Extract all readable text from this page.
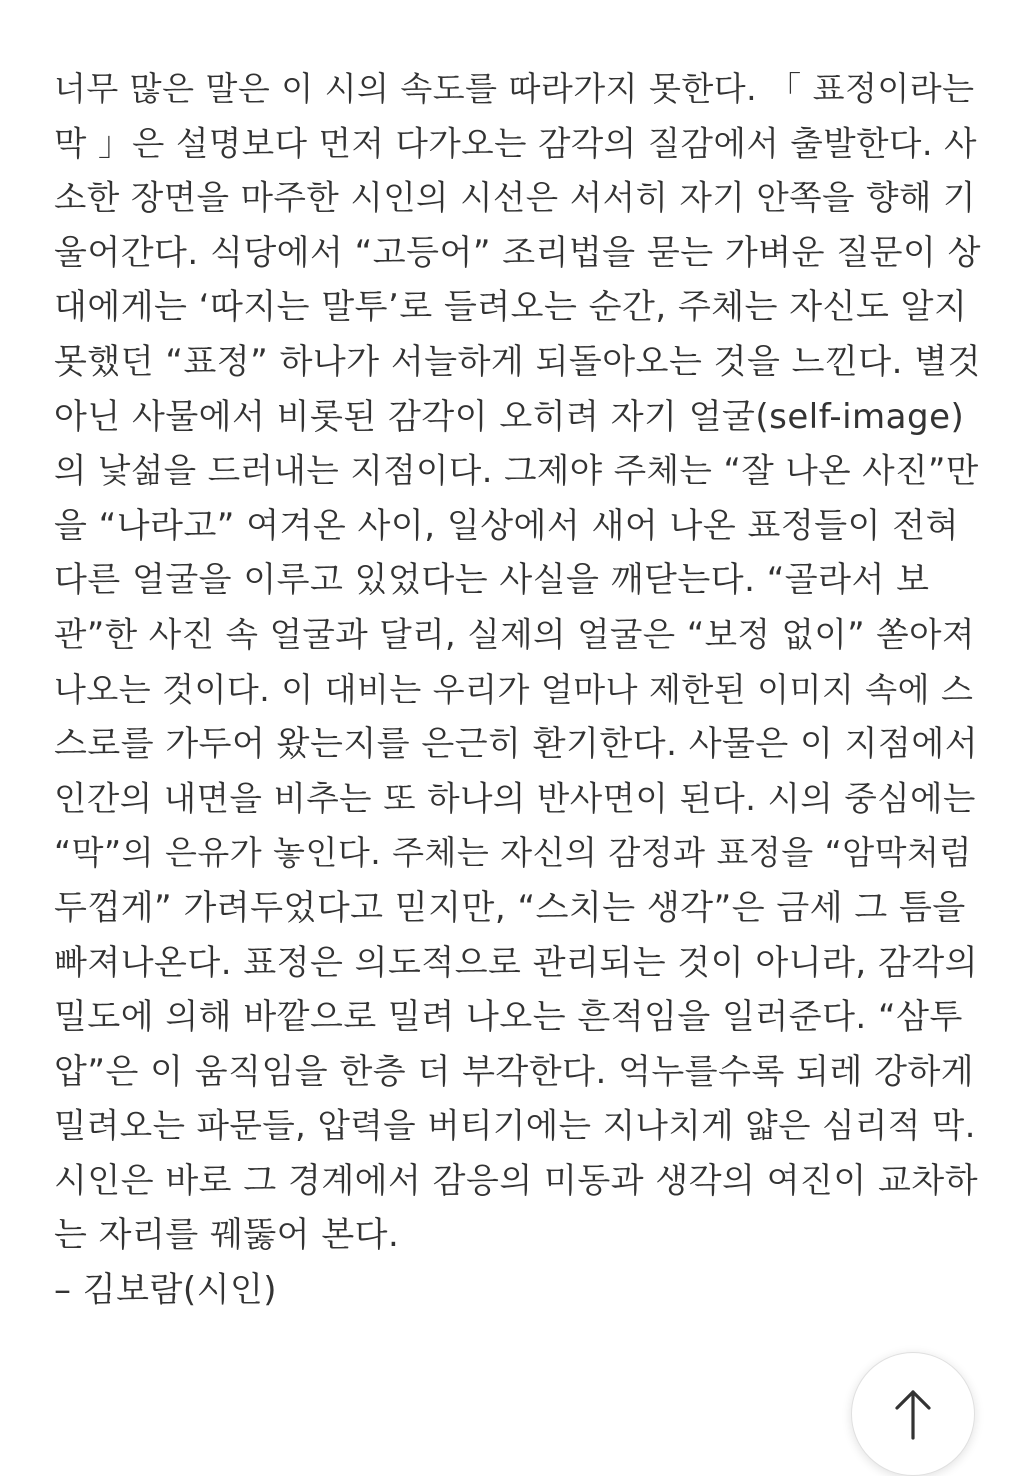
너무 많은 말은 이 시의 속도를 따라가지 못한다. 「 표정이라는
막 」은 설명보다 먼저 다가오는 감각의 질감에서 출발한다. 사
소한 장면을 마주한 시인의 시선은 서서히 자기 안쪽을 향해 기
울어간다. 식당에서 “고등어” 조리법을 묻는 가벼운 질문이 상
대에게는 ‘따지는 말투’로 들려오는 순간, 주체는 자신도 알지
못했던 “표정” 하나가 서늘하게 되돌아오는 것을 느낀다. 별것
아닌 사물에서 비롯된 감각이 오히려 자기 얼굴(self-image)
의 낯섦을 드러내는 지점이다. 그제야 주체는 “잘 나온 사진”만
을 “나라고” 여겨온 사이, 일상에서 새어 나온 표정들이 전혀
다른 얼굴을 이루고 있었다는 사실을 깨닫는다. “골라서 보
관”한 사진 속 얼굴과 달리, 실제의 얼굴은 “보정 없이” 쏟아져
나오는 것이다. 이 대비는 우리가 얼마나 제한된 이미지 속에 스
스로를 가두어 왔는지를 은근히 환기한다. 사물은 이 지점에서
인간의 내면을 비추는 또 하나의 반사면이 된다. 시의 중심에는
“막”의 은유가 놓인다. 주체는 자신의 감정과 표정을 “암막처럼
두껍게” 가려두었다고 믿지만, “스치는 생각”은 금세 그 틈을
빠져나온다. 표정은 의도적으로 관리되는 것이 아니라, 감각의
밀도에 의해 바깥으로 밀려 나오는 흔적임을 일러준다. “삼투
압”은 이 움직임을 한층 더 부각한다. 억누를수록 되레 강하게
밀려오는 파문들, 압력을 버티기에는 지나치게 얇은 심리적 막.
시인은 바로 그 경계에서 감응의 미동과 생각의 여진이 교차하
는 자리를 꿰뚫어 본다.
– 김보람(시인)
